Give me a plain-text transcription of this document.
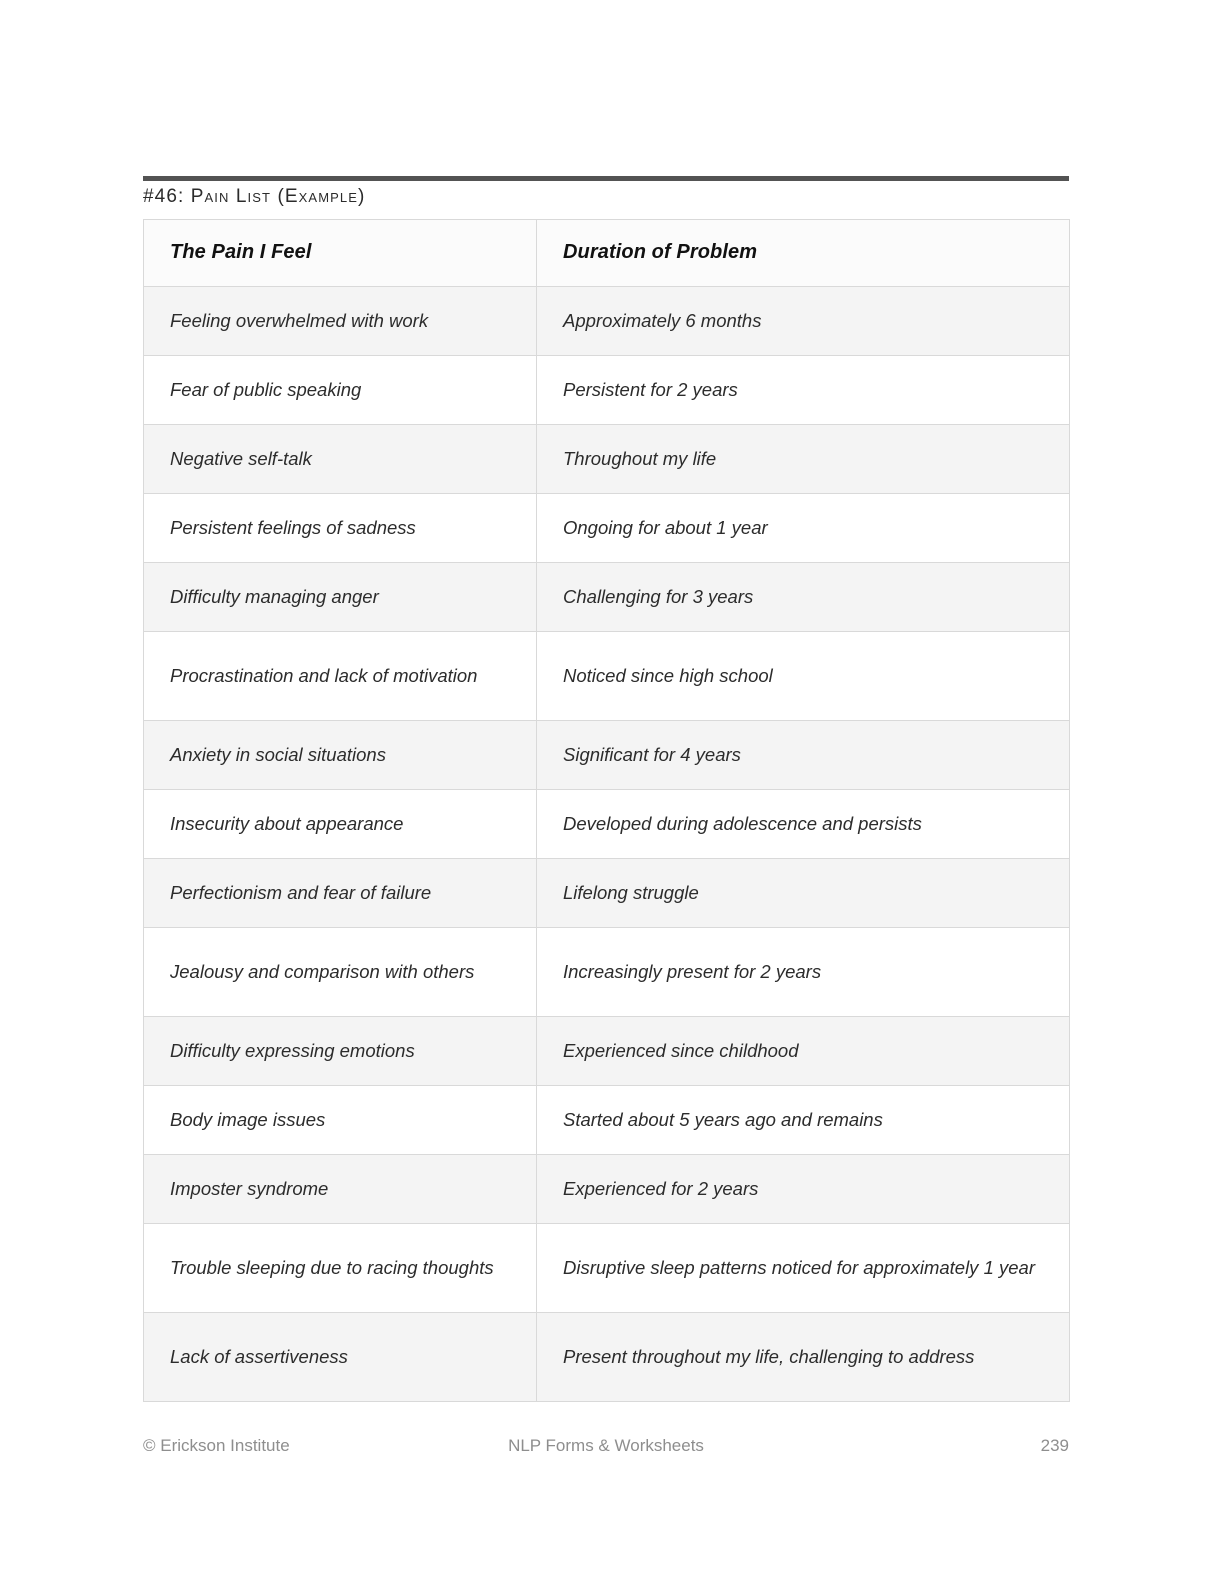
#46: Pain List (Example)
The Pain I Feel	Duration of Problem
Feeling overwhelmed with work	Approximately 6 months
Fear of public speaking	Persistent for 2 years
Negative self-talk	Throughout my life
Persistent feelings of sadness	Ongoing for about 1 year
Difficulty managing anger	Challenging for 3 years
Procrastination and lack of motivation	Noticed since high school
Anxiety in social situations	Significant for 4 years
Insecurity about appearance	Developed during adolescence and persists
Perfectionism and fear of failure	Lifelong struggle
Jealousy and comparison with others	Increasingly present for 2 years
Difficulty expressing emotions	Experienced since childhood
Body image issues	Started about 5 years ago and remains
Imposter syndrome	Experienced for 2 years
Trouble sleeping due to racing thoughts	Disruptive sleep patterns noticed for approximately 1 year
Lack of assertiveness	Present throughout my life, challenging to address
© Erickson Institute	NLP Forms & Worksheets	239
